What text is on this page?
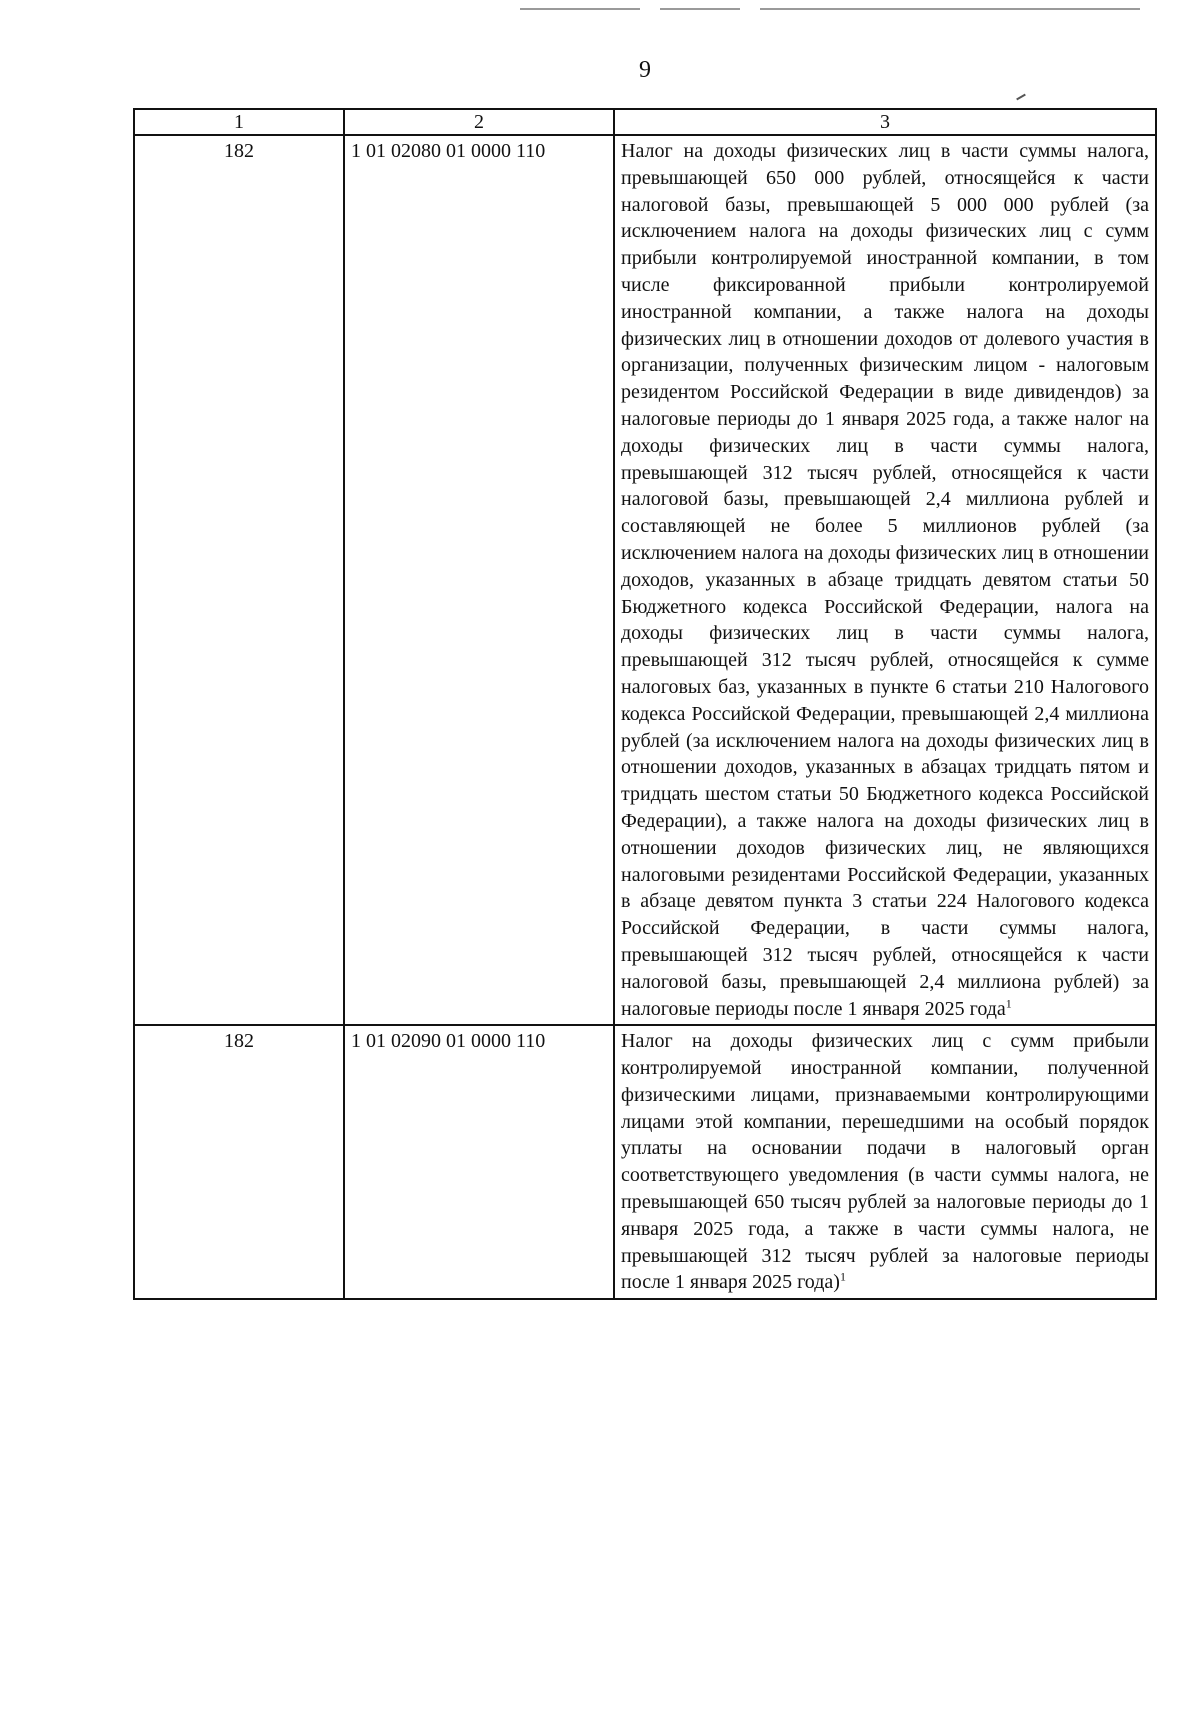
9
1	2	3
182	1 01 02080 01 0000 110	Налог на доходы физических лиц в части суммы налога, превышающей 650 000 рублей, относящейся к части налоговой базы, превышающей 5 000 000 рублей (за исключением налога на доходы физических лиц с сумм прибыли контролируемой иностранной компании, в том числе фиксированной прибыли контролируемой иностранной компании, а также налога на доходы физических лиц в отношении доходов от долевого участия в организации, полученных физическим лицом - налоговым резидентом Российской Федерации в виде дивидендов) за налоговые периоды до 1 января 2025 года, а также налог на доходы физических лиц в части суммы налога, превышающей 312 тысяч рублей, относящейся к части налоговой базы, превышающей 2,4 миллиона рублей и составляющей не более 5 миллионов рублей (за исключением налога на доходы физических лиц в отношении доходов, указанных в абзаце тридцать девятом статьи 50 Бюджетного кодекса Российской Федерации, налога на доходы физических лиц в части суммы налога, превышающей 312 тысяч рублей, относящейся к сумме налоговых баз, указанных в пункте 6 статьи 210 Налогового кодекса Российской Федерации, превышающей 2,4 миллиона рублей (за исключением налога на доходы физических лиц в отношении доходов, указанных в абзацах тридцать пятом и тридцать шестом статьи 50 Бюджетного кодекса Российской Федерации), а также налога на доходы физических лиц в отношении доходов физических лиц, не являющихся налоговыми резидентами Российской Федерации, указанных в абзаце девятом пункта 3 статьи 224 Налогового кодекса Российской Федерации, в части суммы налога, превышающей 312 тысяч рублей, относящейся к части налоговой базы, превышающей 2,4 миллиона рублей) за налоговые периоды после 1 января 2025 года$^1$
182	1 01 02090 01 0000 110	Налог на доходы физических лиц с сумм прибыли контролируемой иностранной компании, полученной физическими лицами, признаваемыми контролирующими лицами этой компании, перешедшими на особый порядок уплаты на основании подачи в налоговый орган соответствующего уведомления (в части суммы налога, не превышающей 650 тысяч рублей за налоговые периоды до 1 января 2025 года, а также в части суммы налога, не превышающей 312 тысяч рублей за налоговые периоды после 1 января 2025 года)$^1$
